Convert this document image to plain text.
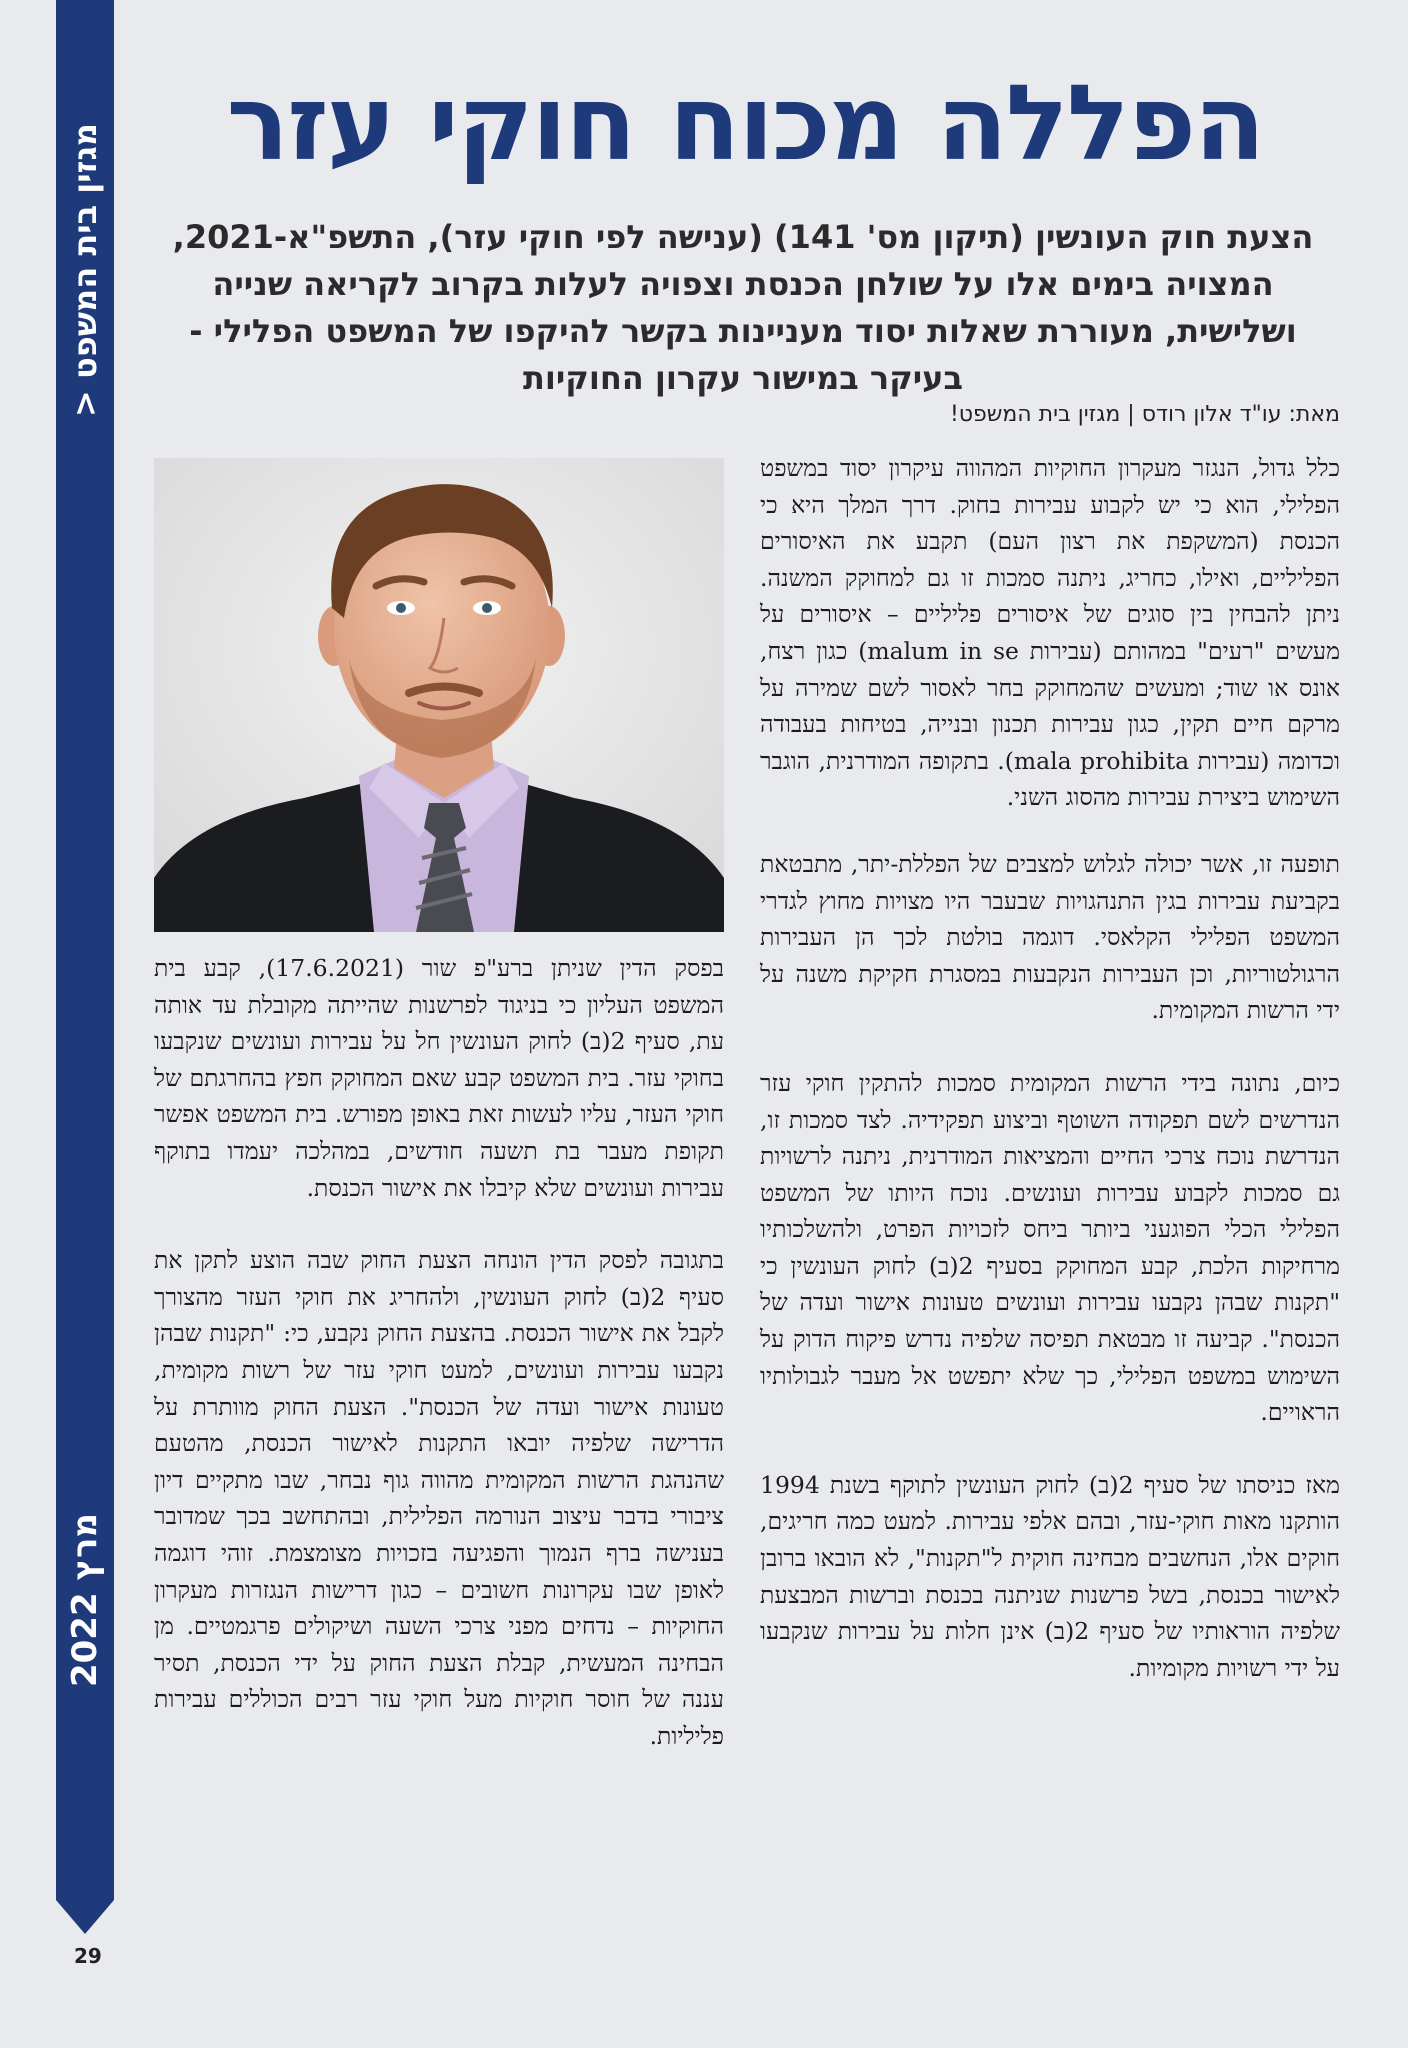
מגזין בית המשפט <
מרץ 2022
29
הפללה מכוח חוקי עזר
הצעת חוק העונשין (תיקון מס' 141) (ענישה לפי חוקי עזר), התשפ"א-2021, המצויה בימים אלו על שולחן הכנסת וצפויה לעלות בקרוב לקריאה שנייה ושלישית, מעוררת שאלות יסוד מעניינות בקשר להיקפו של המשפט הפלילי - בעיקר במישור עקרון החוקיות
מאת: עו"ד אלון רודס | מגזין בית המשפט!

כלל גדול, הנגזר מעקרון החוקיות המהווה עיקרון יסוד במשפט הפלילי, הוא כי יש לקבוע עבירות בחוק. דרך המלך היא כי הכנסת (המשקפת את רצון העם) תקבע את האיסורים הפליליים, ואילו, כחריג, ניתנה סמכות זו גם למחוקק המשנה. ניתן להבחין בין סוגים של איסורים פליליים – איסורים על מעשים "רעים" במהותם (עבירות malum in se) כגון רצח, אונס או שוד; ומעשים שהמחוקק בחר לאסור לשם שמירה על מרקם חיים תקין, כגון עבירות תכנון ובנייה, בטיחות בעבודה וכדומה (עבירות mala prohibita). בתקופה המודרנית, הוגבר השימוש ביצירת עבירות מהסוג השני.

תופעה זו, אשר יכולה לגלוש למצבים של הפללת-יתר, מתבטאת בקביעת עבירות בגין התנהגויות שבעבר היו מצויות מחוץ לגדרי המשפט הפלילי הקלאסי. דוגמה בולטת לכך הן העבירות הרגולטוריות, וכן העבירות הנקבעות במסגרת חקיקת משנה על ידי הרשות המקומית.

כיום, נתונה בידי הרשות המקומית סמכות להתקין חוקי עזר הנדרשים לשם תפקודה השוטף וביצוע תפקידיה. לצד סמכות זו, הנדרשת נוכח צרכי החיים והמציאות המודרנית, ניתנה לרשויות גם סמכות לקבוע עבירות ועונשים. נוכח היותו של המשפט הפלילי הכלי הפוגעני ביותר ביחס לזכויות הפרט, ולהשלכותיו מרחיקות הלכת, קבע המחוקק בסעיף 2(ב) לחוק העונשין כי "תקנות שבהן נקבעו עבירות ועונשים טעונות אישור ועדה של הכנסת". קביעה זו מבטאת תפיסה שלפיה נדרש פיקוח הדוק על השימוש במשפט הפלילי, כך שלא יתפשט אל מעבר לגבולותיו הראויים.

מאז כניסתו של סעיף 2(ב) לחוק העונשין לתוקף בשנת 1994 הותקנו מאות חוקי-עזר, ובהם אלפי עבירות. למעט כמה חריגים, חוקים אלו, הנחשבים מבחינה חוקית ל"תקנות", לא הובאו ברובן לאישור בכנסת, בשל פרשנות שניתנה בכנסת וברשות המבצעת שלפיה הוראותיו של סעיף 2(ב) אינן חלות על עבירות שנקבעו על ידי רשויות מקומיות.

בפסק הדין שניתן ברע"פ שור (17.6.2021), קבע בית המשפט העליון כי בניגוד לפרשנות שהייתה מקובלת עד אותה עת, סעיף 2(ב) לחוק העונשין חל על עבירות ועונשים שנקבעו בחוקי עזר. בית המשפט קבע שאם המחוקק חפץ בהחרגתם של חוקי העזר, עליו לעשות זאת באופן מפורש. בית המשפט אפשר תקופת מעבר בת תשעה חודשים, במהלכה יעמדו בתוקף עבירות ועונשים שלא קיבלו את אישור הכנסת.

בתגובה לפסק הדין הונחה הצעת החוק שבה הוצע לתקן את סעיף 2(ב) לחוק העונשין, ולהחריג את חוקי העזר מהצורך לקבל את אישור הכנסת. בהצעת החוק נקבע, כי: "תקנות שבהן נקבעו עבירות ועונשים, למעט חוקי עזר של רשות מקומית, טעונות אישור ועדה של הכנסת". הצעת החוק מוותרת על הדרישה שלפיה יובאו התקנות לאישור הכנסת, מהטעם שהנהגת הרשות המקומית מהווה גוף נבחר, שבו מתקיים דיון ציבורי בדבר עיצוב הנורמה הפלילית, ובהתחשב בכך שמדובר בענישה ברף הנמוך והפגיעה בזכויות מצומצמת. זוהי דוגמה לאופן שבו עקרונות חשובים – כגון דרישות הנגזרות מעקרון החוקיות – נדחים מפני צרכי השעה ושיקולים פרגמטיים. מן הבחינה המעשית, קבלת הצעת החוק על ידי הכנסת, תסיר עננה של חוסר חוקיות מעל חוקי עזר רבים הכוללים עבירות פליליות.
